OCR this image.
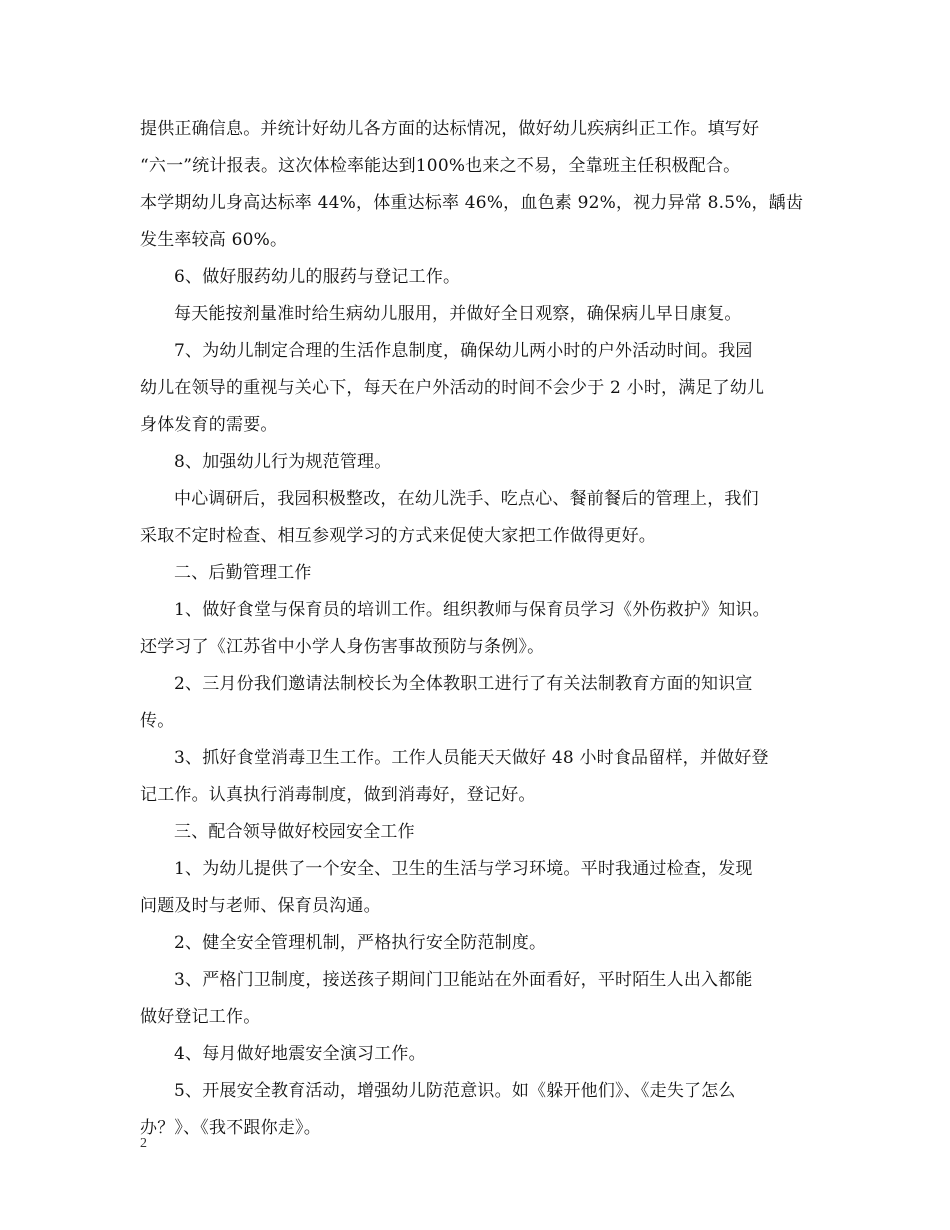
提供正确信息。并统计好幼儿各方面的达标情况，做好幼儿疾病纠正工作。填写好
“六一”统计报表。这次体检率能达到100%也来之不易，全靠班主任积极配合。
本学期幼儿身高达标率 44%，体重达标率 46%，血色素 92%，视力异常 8.5%，龋齿
发生率较高 60%。
6、做好服药幼儿的服药与登记工作。
每天能按剂量准时给生病幼儿服用，并做好全日观察，确保病儿早日康复。
7、为幼儿制定合理的生活作息制度，确保幼儿两小时的户外活动时间。我园
幼儿在领导的重视与关心下，每天在户外活动的时间不会少于 2 小时，满足了幼儿
身体发育的需要。
8、加强幼儿行为规范管理。
中心调研后，我园积极整改，在幼儿洗手、吃点心、餐前餐后的管理上，我们
采取不定时检查、相互参观学习的方式来促使大家把工作做得更好。
二、后勤管理工作
1、做好食堂与保育员的培训工作。组织教师与保育员学习《外伤救护》知识。
还学习了《江苏省中小学人身伤害事故预防与条例》。
2、三月份我们邀请法制校长为全体教职工进行了有关法制教育方面的知识宣
传。
3、抓好食堂消毒卫生工作。工作人员能天天做好 48 小时食品留样，并做好登
记工作。认真执行消毒制度，做到消毒好，登记好。
三、配合领导做好校园安全工作
1、为幼儿提供了一个安全、卫生的生活与学习环境。平时我通过检查，发现
问题及时与老师、保育员沟通。
2、健全安全管理机制，严格执行安全防范制度。
3、严格门卫制度，接送孩子期间门卫能站在外面看好，平时陌生人出入都能
做好登记工作。
4、每月做好地震安全演习工作。
5、开展安全教育活动，增强幼儿防范意识。如《躲开他们》、《走失了怎么
办？》、《我不跟你走》。
2
